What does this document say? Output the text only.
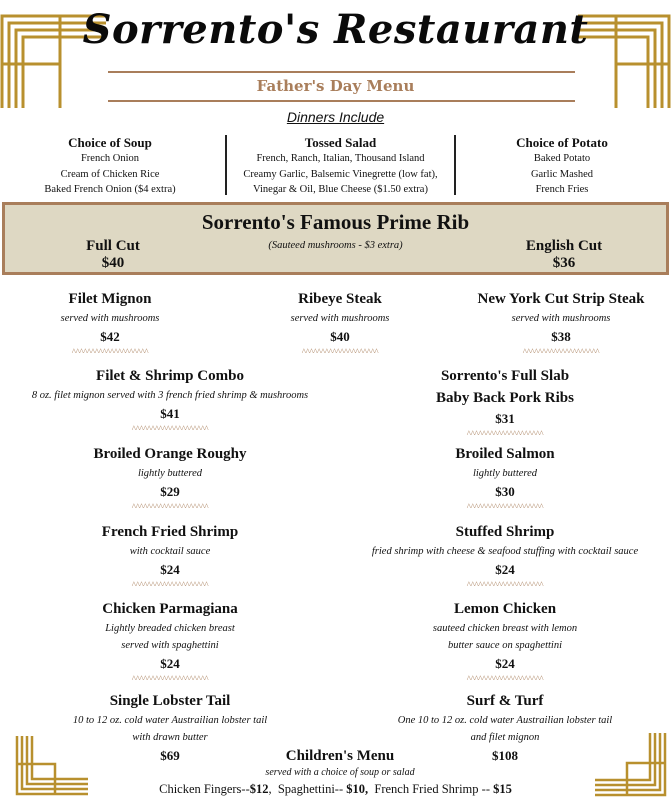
Sorrento's Restaurant
Father's Day Menu
Dinners Include
Choice of Soup
French Onion
Cream of Chicken Rice
Baked French Onion ($4 extra)
Tossed Salad
French, Ranch, Italian, Thousand Island
Creamy Garlic, Balsemic Vinegrette (low fat),
Vinegar & Oil, Blue Cheese ($1.50 extra)
Choice of Potato
Baked Potato
Garlic Mashed
French Fries
Sorrento's Famous Prime Rib
(Sauteed mushrooms - $3 extra)
Full Cut
$40
English Cut
$36
Filet Mignon
served with mushrooms
$42
^^^^^^^^^^^^^^^^^^^^
Ribeye Steak
served with mushrooms
$40
^^^^^^^^^^^^^^^^^^^^
New York Cut Strip Steak
served with mushrooms
$38
^^^^^^^^^^^^^^^^^^^^
Filet & Shrimp Combo
8 oz. filet mignon served with 3 french fried shrimp & mushrooms
$41
^^^^^^^^^^^^^^^^^^^^
Sorrento's Full Slab
Baby Back Pork Ribs
$31
^^^^^^^^^^^^^^^^^^^^
Broiled Orange Roughy
lightly buttered
$29
^^^^^^^^^^^^^^^^^^^^
Broiled Salmon
lightly buttered
$30
^^^^^^^^^^^^^^^^^^^^
French Fried Shrimp
with cocktail sauce
$24
^^^^^^^^^^^^^^^^^^^^
Stuffed Shrimp
fried shrimp with cheese & seafood stuffing with cocktail sauce
$24
^^^^^^^^^^^^^^^^^^^^
Chicken Parmagiana
Lightly breaded chicken breast
served with spaghettini
$24
^^^^^^^^^^^^^^^^^^^^
Lemon Chicken
sauteed chicken breast with lemon
butter sauce on spaghettini
$24
^^^^^^^^^^^^^^^^^^^^
Single Lobster Tail
10 to 12 oz. cold water Austrailian lobster tail
with drawn butter
$69
Surf & Turf
One 10 to 12 oz. cold water Austrailian lobster tail
and filet mignon
$108
Children's Menu
served with a choice of soup or salad
Chicken Fingers--$12,  Spaghettini-- $10, French Fried Shrimp -- $15
